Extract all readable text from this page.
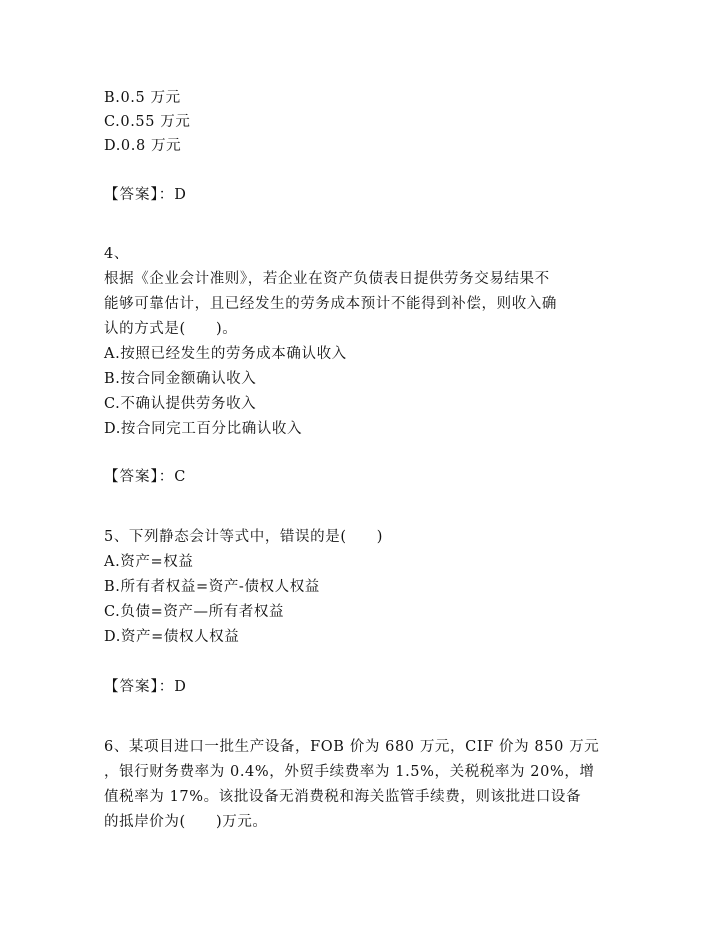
B.0.5 万元
C.0.55 万元
D.0.8 万元
【答案】：D
4、
根据《企业会计准则》，若企业在资产负债表日提供劳务交易结果不
能够可靠估计，且已经发生的劳务成本预计不能得到补偿，则收入确
认的方式是(　　)。
A.按照已经发生的劳务成本确认收入
B.按合同金额确认收入
C.不确认提供劳务收入
D.按合同完工百分比确认收入
【答案】：C
5、下列静态会计等式中，错误的是(　　)
A.资产=权益
B.所有者权益=资产-债权人权益
C.负债=资产—所有者权益
D.资产=债权人权益
【答案】：D
6、某项目进口一批生产设备，FOB 价为 680 万元，CIF 价为 850 万元
，银行财务费率为 0.4%，外贸手续费率为 1.5%，关税税率为 20%，增
值税率为 17%。该批设备无消费税和海关监管手续费，则该批进口设备
的抵岸价为(　　)万元。
